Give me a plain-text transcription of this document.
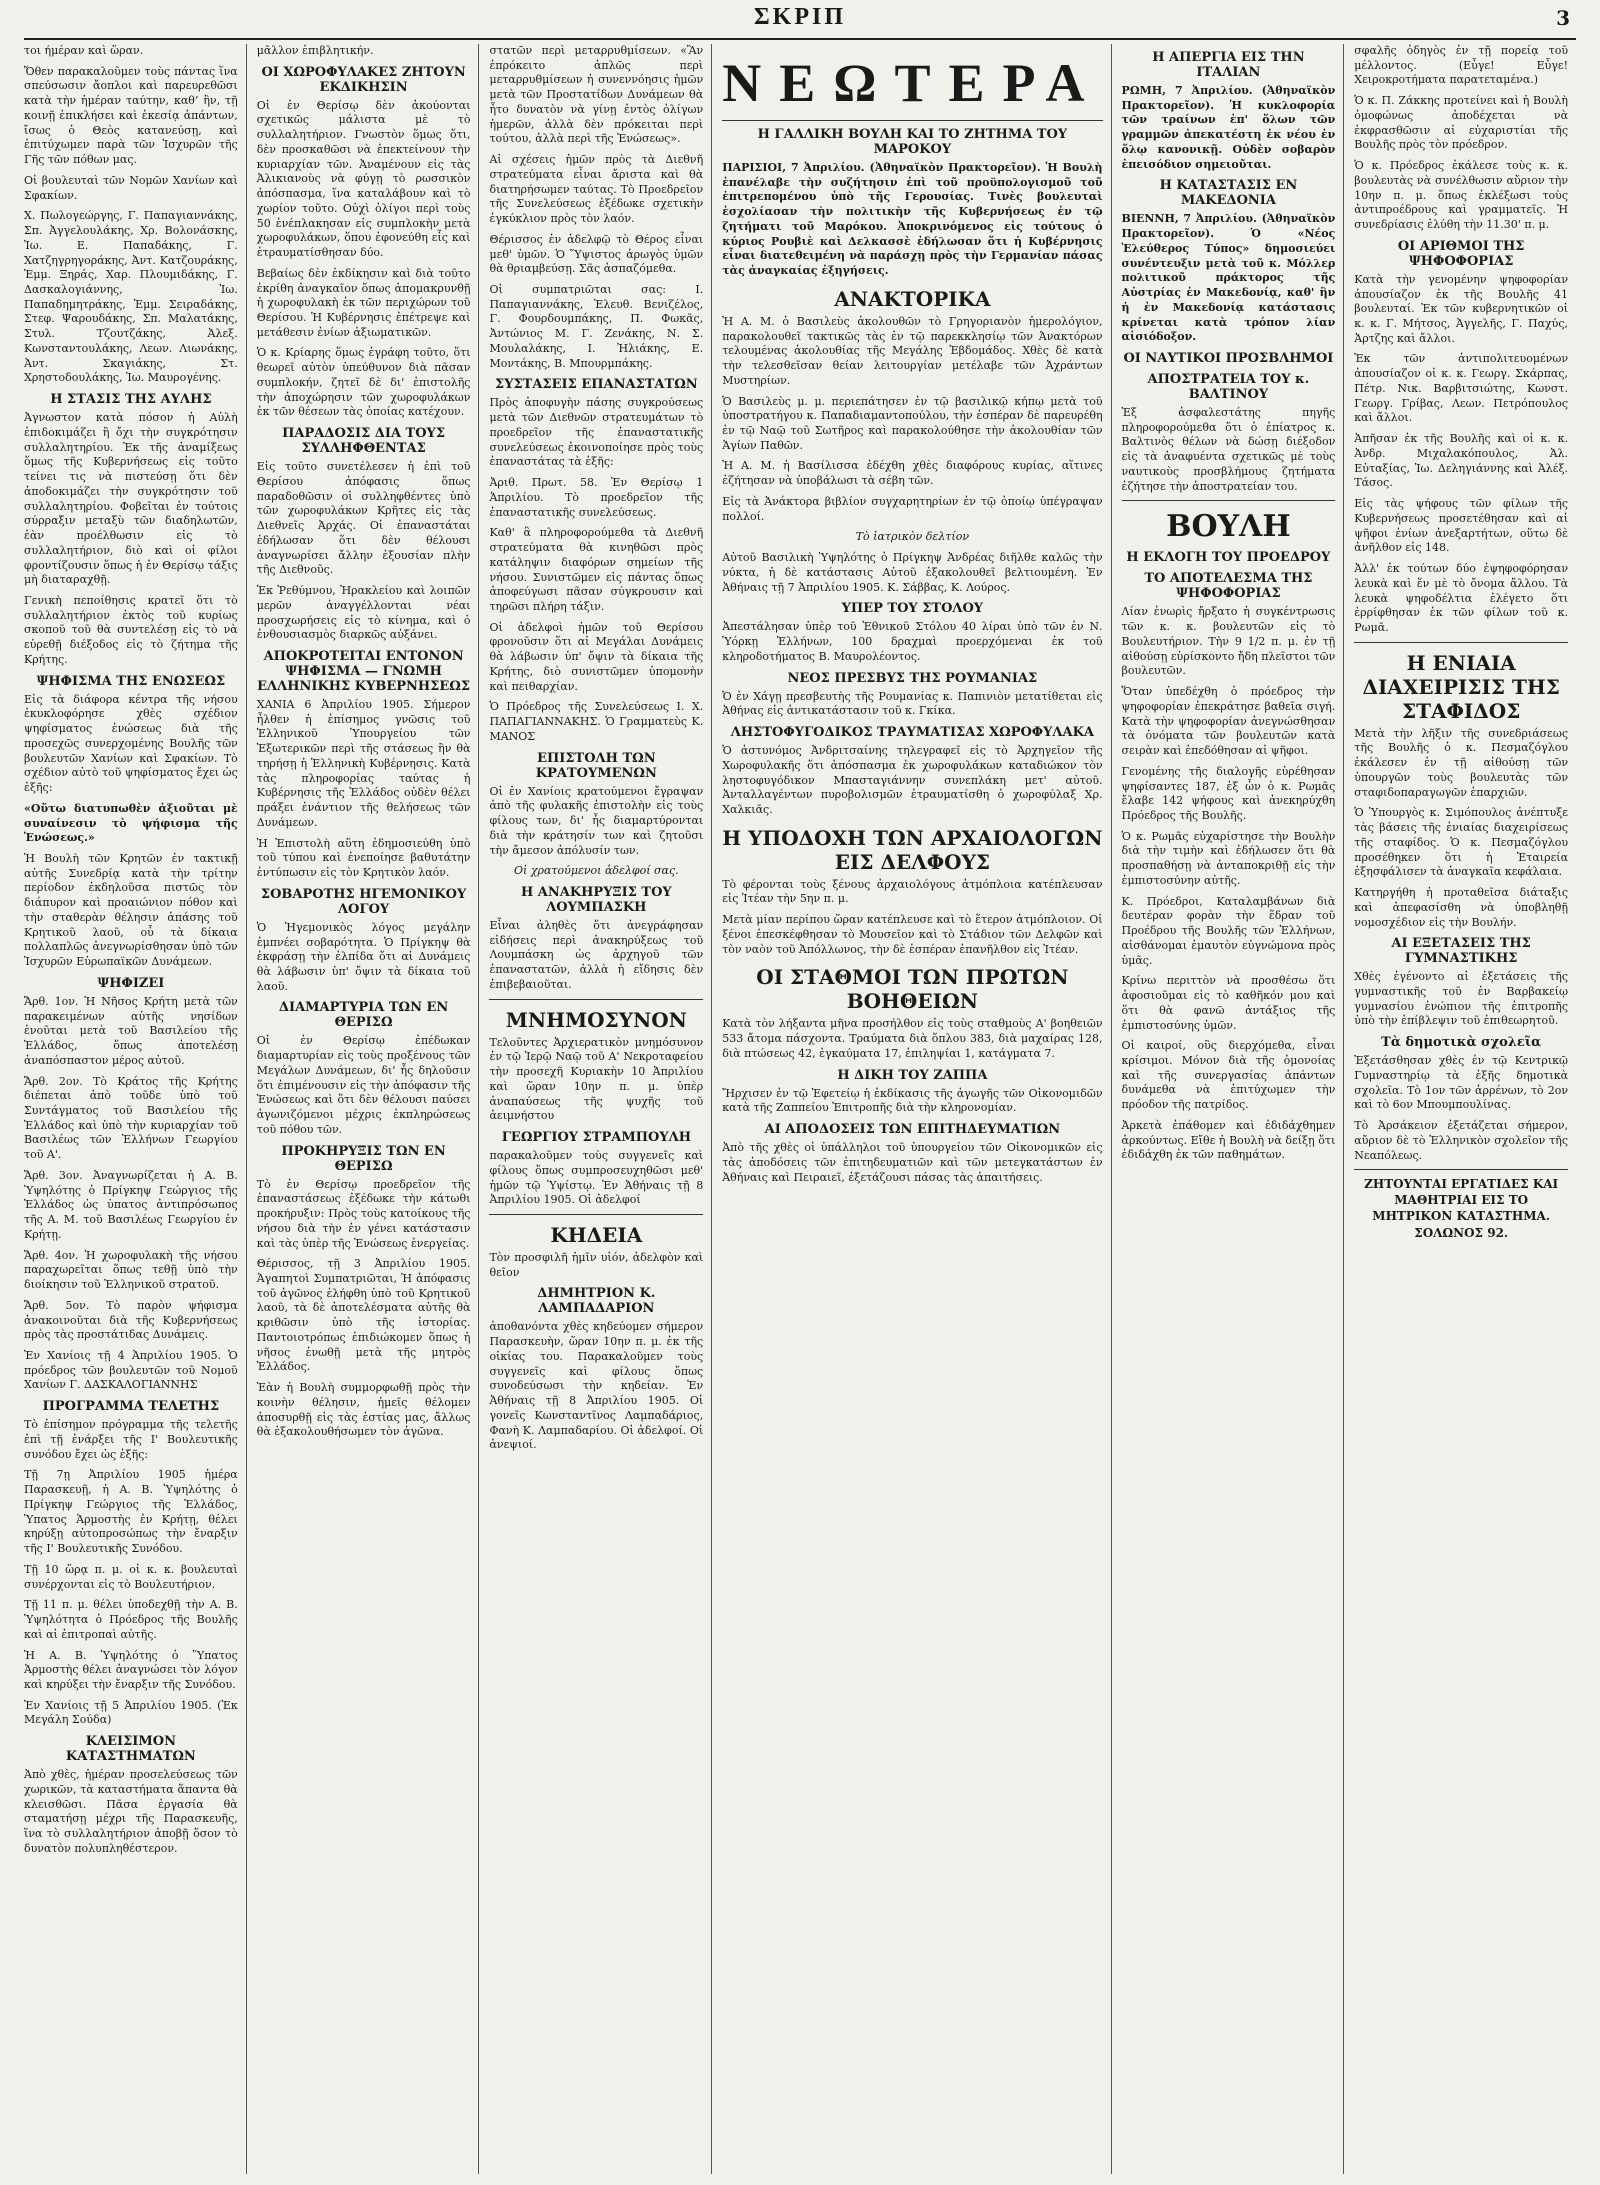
ΣΚΡΙΠ	3

τοι ήμέραν καὶ ὥραν.

Ὅθεν παρακαλοῦμεν τοὺς πάντας ἵνα σπεύσωσιν ἄοπλοι καὶ παρευρεθῶσι κατὰ τὴν ἡμέραν ταύτην, καθ’ ἣν, τῇ κοινῇ ἐπικλήσει καὶ ἐκεσίᾳ ἁπάντων, ἴσως ὁ Θεὸς κατανεύσῃ, καὶ ἐπιτύχωμεν παρὰ τῶν Ἰσχυρῶν τῆς Γῆς τῶν πόθων μας.

Οἱ βουλευταὶ τῶν Νομῶν Χανίων καὶ Σφακίων.

Χ. Πωλογεώργης, Γ. Παπαγιαννάκης, Σπ. Ἀγγελουλάκης, Χρ. Βολονάσκης, Ἰω. Ε. Παπαδάκης, Γ. Χατζηγρηγοράκης, Ἀντ. Κατζουράκης, Ἐμμ. Ξηράς, Χαρ. Πλουμιδάκης, Γ. Δασκαλογιάννης, Ἰω. Παπαδημητράκης, Ἐμμ. Σειραδάκης, Στεφ. Ψαρουδάκης, Σπ. Μαλατάκης, Στυλ. Τζουτζάκης, Ἀλεξ. Κωνσταντουλάκης, Λεων. Λιωνάκης, Ἀντ. Σκαγιάκης, Στ. Χρηστοδουλάκης, Ἰω. Μαυρογένης.

Η ΣΤΑΣΙΣ ΤΗΣ ΑΥΛΗΣ

Ἀγνωστον κατὰ πόσον ἡ Αὐλὴ ἐπιδοκιμάζει ἢ ὄχι τὴν συγκρότησιν συλλαλητηρίου. Ἐκ τῆς ἀναμίξεως ὅμως τῆς Κυβερνήσεως εἰς τοῦτο τείνει τις νὰ πιστεύσῃ ὅτι δὲν ἀποδοκιμάζει τὴν συγκρότησιν τοῦ συλλαλητηρίου. Φοβεῖται ἐν τούτοις σύρραξιν μεταξὺ τῶν διαδηλωτῶν, ἐὰν προέλθωσιν εἰς τὸ συλλαλητήριον, διὸ καὶ οἱ φίλοι φροντίζουσιν ὅπως ἡ ἐν Θερίσῳ τάξις μὴ διαταραχθῇ.

Γενικὴ πεποίθησις κρατεῖ ὅτι τὸ συλλαλητήριον ἐκτὸς τοῦ κυρίως σκοποῦ τοῦ θὰ συντελέσῃ εἰς τὸ νὰ εὑρεθῇ διέξοδος εἰς τὸ ζήτημα τῆς Κρήτης.

ΨΗΦΙΣΜΑ ΤΗΣ ΕΝΩΣΕΩΣ

Εἰς τὰ διάφορα κέντρα τῆς νήσου ἐκυκλοφόρησε χθὲς σχέδιον ψηφίσματος ἑνώσεως διὰ τῆς προσεχῶς συνερχομένης Βουλῆς τῶν βουλευτῶν Χανίων καὶ Σφακίων. Τὸ σχέδιον αὐτὸ τοῦ ψηφίσματος ἔχει ὡς ἑξῆς:

«Οὕτω διατυπωθὲν ἀξιοῦται μὲ συναίνεσιν τὸ ψήφισμα τῆς Ἑνώσεως.»

Ἡ Βουλὴ τῶν Κρητῶν ἐν τακτικῇ αὐτῆς Συνεδρίᾳ κατὰ τὴν τρίτην περίοδον ἐκδηλοῦσα πιστῶς τὸν διάπυρον καὶ προαιώνιον πόθον καὶ τὴν σταθερὰν θέλησιν ἁπάσης τοῦ Κρητικοῦ λαοῦ, οὗ τὰ δίκαια πολλαπλῶς ἀνεγνωρίσθησαν ὑπὸ τῶν Ἰσχυρῶν Εὐρωπαϊκῶν Δυνάμεων.

ΨΗΦΙΖΕΙ

Ἄρθ. 1ον. Ἡ Νῆσος Κρήτη μετὰ τῶν παρακειμένων αὐτῆς νησίδων ἑνοῦται μετὰ τοῦ Βασιλείου τῆς Ἑλλάδος, ὅπως ἀποτελέσῃ ἀναπόσπαστον μέρος αὐτοῦ.

Ἄρθ. 2ον. Τὸ Κράτος τῆς Κρήτης διέπεται ἀπὸ τοῦδε ὑπὸ τοῦ Συντάγματος τοῦ Βασιλείου τῆς Ἑλλάδος καὶ ὑπὸ τὴν κυριαρχίαν τοῦ Βασιλέως τῶν Ἑλλήνων Γεωργίου τοῦ Α'.

Ἄρθ. 3ον. Ἀναγνωρίζεται ἡ Α. Β. Ὑψηλότης ὁ Πρίγκηψ Γεώργιος τῆς Ἑλλάδος ὡς ὑπατος ἀντιπρόσωπος τῆς Α. Μ. τοῦ Βασιλέως Γεωργίου ἐν Κρήτῃ.

Ἄρθ. 4ον. Ἡ χωροφυλακὴ τῆς νήσου παραχωρεῖται ὅπως τεθῇ ὑπὸ τὴν διοίκησιν τοῦ Ἑλληνικοῦ στρατοῦ.

Ἄρθ. 5ον. Τὸ παρὸν ψήφισμα ἀνακοινοῦται διὰ τῆς Κυβερνήσεως πρὸς τὰς προστάτιδας Δυνάμεις.

Ἐν Χανίοις τῇ 4 Ἀπριλίου 1905. Ὁ πρόεδρος τῶν βουλευτῶν τοῦ Νομοῦ Χανίων Γ. ΔΑΣΚΑΛΟΓΙΑΝΝΗΣ

ΠΡΟΓΡΑΜΜΑ ΤΕΛΕΤΗΣ

Τὸ ἐπίσημον πρόγραμμα τῆς τελετῆς ἐπὶ τῇ ἐνάρξει τῆς Ι' Βουλευτικῆς συνόδου ἔχει ὡς ἑξῆς:

Τῇ 7ῃ Ἀπριλίου 1905 ἡμέρα Παρασκευῇ, ἡ Α. Β. Ὑψηλότης ὁ Πρίγκηψ Γεώργιος τῆς Ἑλλάδος, Ὑπατος Ἁρμοστὴς ἐν Κρήτῃ, θέλει κηρύξῃ αὐτοπροσώπως τὴν ἔναρξιν τῆς Ι' Βουλευτικῆς Συνόδου.

Τῇ 10 ὥρᾳ π. μ. οἱ κ. κ. βουλευταὶ συνέρχονται εἰς τὸ Βουλευτήριον.

Τῇ 11 π. μ. θέλει ὑποδεχθῇ τὴν Α. Β. Ὑψηλότητα ὁ Πρόεδρος τῆς Βουλῆς καὶ αἱ ἐπιτροπαὶ αὐτῆς.

Ἡ Α. Β. Ὑψηλότης ὁ Ὕπατος Ἁρμοστὴς θέλει ἀναγνώσει τὸν λόγον καὶ κηρύξει τὴν ἔναρξιν τῆς Συνόδου.

Ἐν Χανίοις τῇ 5 Ἀπριλίου 1905. (Ἐκ Μεγάλη Σούδα)

ΚΛΕΙΣΙΜΟΝ ΚΑΤΑΣΤΗΜΑΤΩΝ

Ἀπὸ χθὲς, ἡμέραν προσελεύσεως τῶν χωρικῶν, τὰ καταστήματα ἅπαντα θὰ κλεισθῶσι. Πᾶσα ἐργασία θὰ σταματήσῃ μέχρι τῆς Παρασκευῆς, ἵνα τὸ συλλαλητήριον ἀποβῇ ὅσον τὸ δυνατὸν πολυπληθέστερον.

μᾶλλον ἐπιβλητικήν.

ΟΙ ΧΩΡΟΦΥΛΑΚΕΣ ΖΗΤΟΥΝ ΕΚΔΙΚΗΣΙΝ

Οἱ ἐν Θερίσῳ δὲν ἀκούονται σχετικῶς μάλιστα μὲ τὸ συλλαλητήριον. Γνωστὸν ὅμως ὅτι, δὲν προσκαθῶσι νὰ ἐπεκτείνουν τὴν κυριαρχίαν τῶν. Ἀναμένουν εἰς τὰς Ἀλικιανοὺς νὰ φύγῃ τὸ ρωσσικὸν ἀπόσπασμα, ἵνα καταλάβουν καὶ τὸ χωρίον τοῦτο. Οὐχὶ ὀλίγοι περὶ τοὺς 50 ἐνέπλακησαν εἰς συμπλοκὴν μετὰ χωροφυλάκων, ὅπου ἐφονεύθη εἷς καὶ ἐτραυματίσθησαν δύο.

Βεβαίως δὲν ἐκδίκησιν καὶ διὰ τοῦτο ἐκρίθη ἀναγκαῖον ὅπως ἀπομακρυνθῇ ἡ χωροφυλακὴ ἐκ τῶν περιχώρων τοῦ Θερίσου. Ἡ Κυβέρνησις ἐπέτρεψε καὶ μετάθεσιν ἐνίων ἀξιωματικῶν.

Ὁ κ. Κρίαρης ὅμως ἐγράφη τοῦτο, ὅτι θεωρεῖ αὐτὸν ὑπεύθυνον διὰ πᾶσαν συμπλοκήν, ζητεῖ δὲ δι' ἐπιστολῆς τὴν ἀποχώρησιν τῶν χωροφυλάκων ἐκ τῶν θέσεων τὰς ὁποίας κατέχουν.

ΠΑΡΑΔΟΣΙΣ ΔΙΑ ΤΟΥΣ ΣΥΛΛΗΦΘΕΝΤΑΣ

Εἰς τοῦτο συνετέλεσεν ἡ ἐπὶ τοῦ Θερίσου ἀπόφασις ὅπως παραδοθῶσιν οἱ συλληφθέντες ὑπὸ τῶν χωροφυλάκων Κρῆτες εἰς τὰς Διεθνεῖς Ἀρχάς. Οἱ ἐπαναστάται ἐδήλωσαν ὅτι δὲν θέλουσι ἀναγνωρίσει ἄλλην ἐξουσίαν πλὴν τῆς Διεθνοῦς.

Ἐκ Ῥεθύμνου, Ἡρακλείου καὶ λοιπῶν μερῶν ἀναγγέλλονται νέαι προσχωρήσεις εἰς τὸ κίνημα, καὶ ὁ ἐνθουσιασμὸς διαρκῶς αὐξάνει.

ΑΠΟΚΡΟΤΕΙΤΑΙ ΕΝΤΟΝΟΝ ΨΗΦΙΣΜΑ — ΓΝΩΜΗ ΕΛΛΗΝΙΚΗΣ ΚΥΒΕΡΝΗΣΕΩΣ

ΧΑΝΙΑ 6 Ἀπριλίου 1905. Σήμερον ἦλθεν ἡ ἐπίσημος γνῶσις τοῦ Ἑλληνικοῦ Ὑπουργείου τῶν Ἐξωτερικῶν περὶ τῆς στάσεως ἣν θὰ τηρήσῃ ἡ Ἑλληνικὴ Κυβέρνησις. Κατὰ τὰς πληροφορίας ταύτας ἡ Κυβέρνησις τῆς Ἑλλάδος οὐδὲν θέλει πράξει ἐνάντιον τῆς θελήσεως τῶν Δυνάμεων.

Ἡ Ἐπιστολὴ αὕτη ἐδημοσιεύθη ὑπὸ τοῦ τύπου καὶ ἐνεποίησε βαθυτάτην ἐντύπωσιν εἰς τὸν Κρητικὸν λαόν.

ΣΟΒΑΡΟΤΗΣ ΗΓΕΜΟΝΙΚΟΥ ΛΟΓΟΥ

Ὁ Ἡγεμονικὸς λόγος μεγάλην ἐμπνέει σοβαρότητα. Ὁ Πρίγκηψ θὰ ἐκφράσῃ τὴν ἐλπίδα ὅτι αἱ Δυνάμεις θὰ λάβωσιν ὑπ' ὄψιν τὰ δίκαια τοῦ λαοῦ.

ΔΙΑΜΑΡΤΥΡΙΑ ΤΩΝ ΕΝ ΘΕΡΙΣΩ

Οἱ ἐν Θερίσῳ ἐπέδωκαν διαμαρτυρίαν εἰς τοὺς προξένους τῶν Μεγάλων Δυνάμεων, δι' ἧς δηλοῦσιν ὅτι ἐπιμένουσιν εἰς τὴν ἀπόφασιν τῆς Ἑνώσεως καὶ ὅτι δὲν θέλουσι παύσει ἀγωνιζόμενοι μέχρις ἐκπληρώσεως τοῦ πόθου τῶν.

ΠΡΟΚΗΡΥΞΙΣ ΤΩΝ ΕΝ ΘΕΡΙΣΩ

Τὸ ἐν Θερίσῳ προεδρεῖον τῆς ἐπαναστάσεως ἐξέδωκε τὴν κάτωθι προκήρυξιν: Πρὸς τοὺς κατοίκους τῆς νήσου διὰ τὴν ἐν γένει κατάστασιν καὶ τὰς ὑπὲρ τῆς Ἑνώσεως ἐνεργείας.

Θέρισσος, τῇ 3 Ἀπριλίου 1905. Ἀγαπητοὶ Συμπατριῶται, Ἡ ἀπόφασις τοῦ ἀγῶνος ἐλήφθη ὑπὸ τοῦ Κρητικοῦ λαοῦ, τὰ δὲ ἀποτελέσματα αὐτῆς θὰ κριθῶσιν ὑπὸ τῆς ἱστορίας. Παντοιοτρόπως ἐπιδιώκομεν ὅπως ἡ νῆσος ἑνωθῇ μετὰ τῆς μητρὸς Ἑλλάδος.

Ἐὰν ἡ Βουλὴ συμμορφωθῇ πρὸς τὴν κοινὴν θέλησιν, ἡμεῖς θέλομεν ἀποσυρθῇ εἰς τὰς ἑστίας μας, ἄλλως θὰ ἐξακολουθήσωμεν τὸν ἀγῶνα.

στατῶν περὶ μεταρρυθμίσεων. «Ἂν ἐπρόκειτο ἁπλῶς περὶ μεταρρυθμίσεων ἡ συνεννόησις ἡμῶν μετὰ τῶν Προστατίδων Δυνάμεων θὰ ἦτο δυνατὸν νὰ γίνῃ ἐντὸς ὀλίγων ἡμερῶν, ἀλλὰ δὲν πρόκειται περὶ τούτου, ἀλλὰ περὶ τῆς Ἑνώσεως».

Αἱ σχέσεις ἡμῶν πρὸς τὰ Διεθνῆ στρατεύματα εἶναι ἄριστα καὶ θὰ διατηρήσωμεν ταύτας. Τὸ Προεδρεῖον τῆς Συνελεύσεως ἐξέδωκε σχετικὴν ἐγκύκλιον πρὸς τὸν λαόν.

Θέρισσος ἐν ἀδελφῷ τὸ Θέρος εἶναι μεθ' ὑμῶν. Ὁ Ὕψιστος ἀρωγὸς ὑμῶν θὰ θριαμβεύσῃ. Σᾶς ἀσπαζόμεθα.

Οἱ συμπατριῶται σας: Ι. Παπαγιαννάκης, Ἐλευθ. Βενιζέλος, Γ. Φουρδουμπάκης, Π. Φωκᾶς, Ἀντώνιος Μ. Γ. Ζενάκης, Ν. Σ. Μουλαλάκης, Ι. Ἠλιάκης, Ε. Μοντάκης, Β. Μπουρμπάκης.

ΣΥΣΤΑΣΕΙΣ ΕΠΑΝΑΣΤΑΤΩΝ

Πρὸς ἀποφυγὴν πάσης συγκρούσεως μετὰ τῶν Διεθνῶν στρατευμάτων τὸ προεδρεῖον τῆς ἐπαναστατικῆς συνελεύσεως ἐκοινοποίησε πρὸς τοὺς ἐπαναστάτας τὰ ἑξῆς:

Ἀριθ. Πρωτ. 58. Ἐν Θερίσῳ 1 Ἀπριλίου. Τὸ προεδρεῖον τῆς ἐπαναστατικῆς συνελεύσεως.

Καθ' ἃ πληροφορούμεθα τὰ Διεθνῆ στρατεύματα θὰ κινηθῶσι πρὸς κατάληψιν διαφόρων σημείων τῆς νήσου. Συνιστῶμεν εἰς πάντας ὅπως ἀποφεύγωσι πᾶσαν σύγκρουσιν καὶ τηρῶσι πλήρη τάξιν.

Οἱ ἀδελφοὶ ἡμῶν τοῦ Θερίσου φρονοῦσιν ὅτι αἱ Μεγάλαι Δυνάμεις θὰ λάβωσιν ὑπ' ὄψιν τὰ δίκαια τῆς Κρήτης, διὸ συνιστῶμεν ὑπομονὴν καὶ πειθαρχίαν.

Ὁ Πρόεδρος τῆς Συνελεύσεως Ι. Χ. ΠΑΠΑΓΙΑΝΝΑΚΗΣ. Ὁ Γραμματεὺς Κ. ΜΑΝΟΣ

ΕΠΙΣΤΟΛΗ ΤΩΝ ΚΡΑΤΟΥΜΕΝΩΝ

Οἱ ἐν Χανίοις κρατούμενοι ἔγραψαν ἀπὸ τῆς φυλακῆς ἐπιστολὴν εἰς τοὺς φίλους των, δι' ἧς διαμαρτύρονται διὰ τὴν κράτησίν των καὶ ζητοῦσι τὴν ἄμεσον ἀπόλυσίν των.

Οἱ χρατούμενοι ἀδελφοί σας.

Η ΑΝΑΚΗΡΥΞΙΣ ΤΟΥ ΛΟΥΜΠΑΣΚΗ

Εἶναι ἀληθὲς ὅτι ἀνεγράφησαν εἰδήσεις περὶ ἀνακηρύξεως τοῦ Λουμπάσκη ὡς ἀρχηγοῦ τῶν ἐπαναστατῶν, ἀλλὰ ἡ εἴδησις δὲν ἐπιβεβαιοῦται.

ΜΝΗΜΟΣΥΝΟΝ

Τελοῦντες Ἀρχιερατικὸν μνημόσυνον ἐν τῷ Ἱερῷ Ναῷ τοῦ Α' Νεκροταφείου τὴν προσεχῆ Κυριακὴν 10 Ἀπριλίου καὶ ὥραν 10ην π. μ. ὑπὲρ ἀναπαύσεως τῆς ψυχῆς τοῦ ἀειμνήστου

ΓΕΩΡΓΙΟΥ ΣΤΡΑΜΠΟΥΛΗ

παρακαλοῦμεν τοὺς συγγενεῖς καὶ φίλους ὅπως συμπροσευχηθῶσι μεθ' ἡμῶν τῷ Ὑψίστῳ. Ἐν Ἀθήναις τῇ 8 Ἀπριλίου 1905. Οἱ ἀδελφοί

ΚΗΔΕΙΑ

Τὸν προσφιλῆ ἡμῖν υἱόν, ἀδελφὸν καὶ θεῖον

ΔΗΜΗΤΡΙΟΝ Κ. ΛΑΜΠΑΔΑΡΙΟΝ

ἀποθανόντα χθὲς κηδεύομεν σήμερον Παρασκευὴν, ὥραν 10ην π. μ. ἐκ τῆς οἰκίας του. Παρακαλοῦμεν τοὺς συγγενεῖς καὶ φίλους ὅπως συνοδεύσωσι τὴν κηδείαν. Ἐν Ἀθήναις τῇ 8 Ἀπριλίου 1905. Οἱ γονεῖς Κωνσταντῖνος Λαμπαδάριος, Φανὴ Κ. Λαμπαδαρίου. Οἱ ἀδελφοί. Οἱ ἀνεψιοί.

ΝΕΩΤΕΡΑ
Η ΓΑΛΛΙΚΗ ΒΟΥΛΗ ΚΑΙ ΤΟ ΖΗΤΗΜΑ ΤΟΥ ΜΑΡΟΚΟΥ

ΠΑΡΙΣΙΟΙ, 7 Ἀπριλίου. (Ἀθηναϊκὸν Πρακτορεῖον). Ἡ Βουλὴ ἐπανέλαβε τὴν συζήτησιν ἐπὶ τοῦ προϋπολογισμοῦ τοῦ ἐπιτρεπομένου ὑπὸ τῆς Γερουσίας. Τινὲς βουλευταὶ ἐσχολίασαν τὴν πολιτικὴν τῆς Κυβερνήσεως ἐν τῷ ζητήματι τοῦ Μαρόκου. Ἀποκρινόμενος εἰς τούτους ὁ κύριος Ρουβιὲ καὶ Δελκασσὲ ἐδήλωσαν ὅτι ἡ Κυβέρνησις εἶναι διατεθειμένη νὰ παράσχῃ πρὸς τὴν Γερμανίαν πάσας τὰς ἀναγκαίας ἐξηγήσεις.

ΑΝΑΚΤΟΡΙΚΑ

Ἡ Α. Μ. ὁ Βασιλεὺς ἀκολουθῶν τὸ Γρηγοριανὸν ἡμερολόγιον, παρακολουθεῖ τακτικῶς τὰς ἐν τῷ παρεκκλησίῳ τῶν Ἀνακτόρων τελουμένας ἀκολουθίας τῆς Μεγάλης Ἑβδομάδος. Χθὲς δὲ κατὰ τὴν τελεσθεῖσαν θείαν λειτουργίαν μετέλαβε τῶν Ἀχράντων Μυστηρίων.

Ὁ Βασιλεὺς μ. μ. περιεπάτησεν ἐν τῷ βασιλικῷ κήπῳ μετὰ τοῦ ὑποστρατήγου κ. Παπαδιαμαντοπούλου, τὴν ἑσπέραν δὲ παρευρέθη ἐν τῷ Ναῷ τοῦ Σωτῆρος καὶ παρακολούθησε τὴν ἀκολουθίαν τῶν Ἁγίων Παθῶν.

Ἡ Α. Μ. ἡ Βασίλισσα ἐδέχθη χθὲς διαφόρους κυρίας, αἵτινες ἐζήτησαν νὰ ὑποβάλωσι τὰ σέβη τῶν.

Εἰς τὰ Ἀνάκτορα βιβλίον συγχαρητηρίων ἐν τῷ ὁποίῳ ὑπέγραψαν πολλοί.

Τὸ ἰατρικὸν δελτίον

Αὐτοῦ Βασιλικὴ Ὑψηλότης ὁ Πρίγκηψ Ἀνδρέας διῆλθε καλῶς τὴν νύκτα, ἡ δὲ κατάστασις Αὐτοῦ ἐξακολουθεῖ βελτιουμένη. Ἐν Ἀθήναις τῇ 7 Ἀπριλίου 1905. Κ. Σάββας, Κ. Λούρος.

ΥΠΕΡ ΤΟΥ ΣΤΟΛΟΥ

Ἀπεστάλησαν ὑπὲρ τοῦ Ἐθνικοῦ Στόλου 40 λίραι ὑπὸ τῶν ἐν Ν. Ὑόρκῃ Ἑλλήνων, 100 δραχμαὶ προερχόμεναι ἐκ τοῦ κληροδοτήματος Β. Μαυρολέοντος.

ΝΕΟΣ ΠΡΕΣΒΥΣ ΤΗΣ ΡΟΥΜΑΝΙΑΣ

Ὁ ἐν Χάγῃ πρεσβευτὴς τῆς Ρουμανίας κ. Παπινιὸν μετατίθεται εἰς Ἀθήνας εἰς ἀντικατάστασιν τοῦ κ. Γκίκα.

ΛΗΣΤΟΦΥΓΟΔΙΚΟΣ ΤΡΑΥΜΑΤΙΣΑΣ ΧΩΡΟΦΥΛΑΚΑ

Ὁ ἀστυνόμος Ἀνδριτσαίνης τηλεγραφεῖ εἰς τὸ Ἀρχηγεῖον τῆς Χωροφυλακῆς ὅτι ἀπόσπασμα ἐκ χωροφυλάκων καταδιώκον τὸν ληστοφυγόδικον Μπασταγιάννην συνεπλάκη μετ' αὐτοῦ. Ἀνταλλαγέντων πυροβολισμῶν ἐτραυματίσθη ὁ χωροφύλαξ Χρ. Χαλκιᾶς.

Η ΥΠΟΔΟΧΗ ΤΩΝ ΑΡΧΑΙΟΛΟΓΩΝ ΕΙΣ ΔΕΛΦΟΥΣ

Τὸ φέρονται τοὺς ξένους ἀρχαιολόγους ἀτμόπλοια κατέπλευσαν εἰς Ἰτέαν τὴν 5ην π. μ.

Μετὰ μίαν περίπου ὥραν κατέπλευσε καὶ τὸ ἕτερον ἀτμόπλοιον. Οἱ ξένοι ἐπεσκέφθησαν τὸ Μουσεῖον καὶ τὸ Στάδιον τῶν Δελφῶν καὶ τὸν ναὸν τοῦ Ἀπόλλωνος, τὴν δὲ ἑσπέραν ἐπανῆλθον εἰς Ἰτέαν.

ΟΙ ΣΤΑΘΜΟΙ ΤΩΝ ΠΡΩΤΩΝ ΒΟΗΘΕΙΩΝ

Κατὰ τὸν λήξαντα μῆνα προσήλθον εἰς τοὺς σταθμοὺς Α' βοηθειῶν 533 ἄτομα πάσχοντα. Τραύματα διὰ ὅπλου 383, διὰ μαχαίρας 128, διὰ πτώσεως 42, ἐγκαύματα 17, ἐπιληψίαι 1, κατάγματα 7.

Η ΔΙΚΗ ΤΟΥ ΖΑΠΠΑ

Ἤρχισεν ἐν τῷ Ἐφετείῳ ἡ ἐκδίκασις τῆς ἀγωγῆς τῶν Οἰκονομιδῶν κατὰ τῆς Ζαππείου Ἐπιτροπῆς διὰ τὴν κληρονομίαν.

ΑΙ ΑΠΟΔΟΣΕΙΣ ΤΩΝ ΕΠΙΤΗΔΕΥΜΑΤΙΩΝ

Ἀπὸ τῆς χθὲς οἱ ὑπάλληλοι τοῦ ὑπουργείου τῶν Οἰκονομικῶν εἰς τὰς ἀποδόσεις τῶν ἐπιτηδευματιῶν καὶ τῶν μετεγκατάστων ἐν Ἀθήναις καὶ Πειραιεῖ, ἐξετάζουσι πάσας τὰς ἀπαιτήσεις.

Η ΑΠΕΡΓΙΑ ΕΙΣ ΤΗΝ ΙΤΑΛΙΑΝ

ΡΩΜΗ, 7 Ἀπριλίου. (Ἀθηναϊκὸν Πρακτορεῖον). Ἡ κυκλοφορία τῶν τραίνων ἐπ' ὅλων τῶν γραμμῶν ἀπεκατέστη ἐκ νέου ἐν ὅλῳ κανονικῇ. Οὐδὲν σοβαρὸν ἐπεισόδιον σημειοῦται.

Η ΚΑΤΑΣΤΑΣΙΣ ΕΝ ΜΑΚΕΔΟΝΙΑ

ΒΙΕΝΝΗ, 7 Ἀπριλίου. (Ἀθηναϊκὸν Πρακτορεῖον). Ὁ «Νέος Ἐλεύθερος Τύπος» δημοσιεύει συνέντευξιν μετὰ τοῦ κ. Μόλλερ πολιτικοῦ πράκτορος τῆς Αὐστρίας ἐν Μακεδονίᾳ, καθ' ἣν ἡ ἐν Μακεδονίᾳ κατάστασις κρίνεται κατὰ τρόπον λίαν αἰσιόδοξον.

ΟΙ ΝΑΥΤΙΚΟΙ ΠΡΟΣΒΛΗΜΟΙ
ΑΠΟΣΤΡΑΤΕΙΑ ΤΟΥ κ. ΒΑΛΤΙΝΟΥ

Ἐξ ἀσφαλεστάτης πηγῆς πληροφορούμεθα ὅτι ὁ ἐπίατρος κ. Βαλτινὸς θέλων νὰ δώσῃ διέξοδον εἰς τὰ ἀναφυέντα σχετικῶς μὲ τοὺς ναυτικοὺς προσβλήμους ζητήματα ἐζήτησε τὴν ἀποστρατείαν του.

ΒΟΥΛΗ
Η ΕΚΛΟΓΗ ΤΟΥ ΠΡΟΕΔΡΟΥ
ΤΟ ΑΠΟΤΕΛΕΣΜΑ ΤΗΣ ΨΗΦΟΦΟΡΙΑΣ

Λίαν ἐνωρὶς ἤρξατο ἡ συγκέντρωσις τῶν κ. κ. βουλευτῶν εἰς τὸ Βουλευτήριον. Τὴν 9 1/2 π. μ. ἐν τῇ αἰθούσῃ εὑρίσκοντο ἤδη πλεῖστοι τῶν βουλευτῶν.

Ὅταν ὑπεδέχθη ὁ πρόεδρος τὴν ψηφοφορίαν ἐπεκράτησε βαθεῖα σιγή. Κατὰ τὴν ψηφοφορίαν ἀνεγνώσθησαν τὰ ὀνόματα τῶν βουλευτῶν κατὰ σειρὰν καὶ ἐπεδόθησαν αἱ ψῆφοι.

Γενομένης τῆς διαλογῆς εὑρέθησαν ψηφίσαντες 187, ἐξ ὧν ὁ κ. Ρωμᾶς ἔλαβε 142 ψήφους καὶ ἀνεκηρύχθη Πρόεδρος τῆς Βουλῆς.

Ὁ κ. Ρωμᾶς εὐχαρίστησε τὴν Βουλὴν διὰ τὴν τιμὴν καὶ ἐδήλωσεν ὅτι θὰ προσπαθήσῃ νὰ ἀνταποκριθῇ εἰς τὴν ἐμπιστοσύνην αὐτῆς.

Κ. Πρόεδροι, Καταλαμβάνων διὰ δευτέραν φορὰν τὴν ἕδραν τοῦ Προέδρου τῆς Βουλῆς τῶν Ἑλλήνων, αἰσθάνομαι ἐμαυτὸν εὐγνώμονα πρὸς ὑμᾶς.

Κρίνω περιττὸν νὰ προσθέσω ὅτι ἀφοσιοῦμαι εἰς τὸ καθῆκόν μου καὶ ὅτι θὰ φανῶ ἀντάξιος τῆς ἐμπιστοσύνης ὑμῶν.

Οἱ καιροί, οὓς διερχόμεθα, εἶναι κρίσιμοι. Μόνον διὰ τῆς ὁμονοίας καὶ τῆς συνεργασίας ἁπάντων δυνάμεθα νὰ ἐπιτύχωμεν τὴν πρόοδον τῆς πατρίδος.

Ἀρκετὰ ἐπάθομεν καὶ ἐδιδάχθημεν ἀρκούντως. Εἴθε ἡ Βουλὴ νὰ δείξῃ ὅτι ἐδιδάχθη ἐκ τῶν παθημάτων.

σφαλῆς ὁδηγὸς ἐν τῇ πορείᾳ τοῦ μέλλοντος. (Εὖγε! Εὖγε! Χειροκροτήματα παρατεταμένα.)

Ὁ κ. Π. Ζάκκης προτείνει καὶ ἡ Βουλὴ ὁμοφώνως ἀποδέχεται νὰ ἐκφρασθῶσιν αἱ εὐχαριστίαι τῆς Βουλῆς πρὸς τὸν πρόεδρον.

Ὁ κ. Πρόεδρος ἐκάλεσε τοὺς κ. κ. βουλευτὰς νὰ συνέλθωσιν αὔριον τὴν 10ην π. μ. ὅπως ἐκλέξωσι τοὺς ἀντιπροέδρους καὶ γραμματεῖς. Ἡ συνεδρίασις ἐλύθη τὴν 11.30' π. μ.

ΟΙ ΑΡΙΘΜΟΙ ΤΗΣ ΨΗΦΟΦΟΡΙΑΣ

Κατὰ τὴν γενομένην ψηφοφορίαν ἀπουσίαζον ἐκ τῆς Βουλῆς 41 βουλευταί. Ἐκ τῶν κυβερνητικῶν οἱ κ. κ. Γ. Μήτσος, Ἀγγελῆς, Γ. Παχύς, Ἀρτζης καὶ ἄλλοι.

Ἐκ τῶν ἀντιπολιτευομένων ἀπουσίαζον οἱ κ. κ. Γεωργ. Σκάρπας, Πέτρ. Νικ. Βαρβιτσιώτης, Κωνστ. Γεωργ. Γρίβας, Λεων. Πετρόπουλος καὶ ἄλλοι.

Ἀπῆσαν ἐκ τῆς Βουλῆς καὶ οἱ κ. κ. Ἀνδρ. Μιχαλακόπουλος, Ἀλ. Εὐταξίας, Ἰω. Δεληγιάννης καὶ Ἀλέξ. Τάσος.

Εἰς τὰς ψήφους τῶν φίλων τῆς Κυβερνήσεως προσετέθησαν καὶ αἱ ψῆφοι ἐνίων ἀνεξαρτήτων, οὕτω δὲ ἀνῆλθον εἰς 148.

Ἀλλ' ἐκ τούτων δύο ἐψηφοφόρησαν λευκὰ καὶ ἕν μὲ τὸ ὄνομα ἄλλου. Τὰ λευκὰ ψηφοδέλτια ἐλέγετο ὅτι ἐρρίφθησαν ἐκ τῶν φίλων τοῦ κ. Ρωμᾶ.

Η ΕΝΙΑΙΑ ΔΙΑΧΕΙΡΙΣΙΣ ΤΗΣ ΣΤΑΦΙΔΟΣ

Μετὰ τὴν λῆξιν τῆς συνεδριάσεως τῆς Βουλῆς ὁ κ. Πεσμαζόγλου ἐκάλεσεν ἐν τῇ αἰθούσῃ τῶν ὑπουργῶν τοὺς βουλευτὰς τῶν σταφιδοπαραγωγῶν ἐπαρχιῶν.

Ὁ Ὑπουργὸς κ. Σιμόπουλος ἀνέπτυξε τὰς βάσεις τῆς ἐνιαίας διαχειρίσεως τῆς σταφίδος. Ὁ κ. Πεσμαζόγλου προσέθηκεν ὅτι ἡ Ἑταιρεία ἐξησφάλισεν τὰ ἀναγκαῖα κεφάλαια.

Κατηργήθη ἡ προταθεῖσα διάταξις καὶ ἀπεφασίσθη νὰ ὑποβληθῇ νομοσχέδιον εἰς τὴν Βουλήν.

ΑΙ ΕΞΕΤΑΣΕΙΣ ΤΗΣ ΓΥΜΝΑΣΤΙΚΗΣ

Χθὲς ἐγένοντο αἱ ἐξετάσεις τῆς γυμναστικῆς τοῦ ἐν Βαρβακείῳ γυμνασίου ἐνώπιον τῆς ἐπιτροπῆς ὑπὸ τὴν ἐπίβλεψιν τοῦ ἐπιθεωρητοῦ.

Τὰ δημοτικὰ σχολεῖα

Ἐξετάσθησαν χθὲς ἐν τῷ Κεντρικῷ Γυμναστηρίῳ τὰ ἑξῆς δημοτικὰ σχολεῖα. Τὸ 1ον τῶν ἀρρένων, τὸ 2ον καὶ τὸ 6ον Μπουμπουλίνας.

Τὸ Ἀρσάκειον ἐξετάζεται σήμερον, αὔριον δὲ τὸ Ἑλληνικὸν σχολεῖον τῆς Νεαπόλεως.

ΖΗΤΟΥΝΤΑΙ ΕΡΓΑΤΙΔΕΣ ΚΑΙ ΜΑΘΗΤΡΙΑΙ ΕΙΣ ΤΟ ΜΗΤΡΙΚΟΝ ΚΑΤΑΣΤΗΜΑ. ΣΟΛΩΝΟΣ 92.
